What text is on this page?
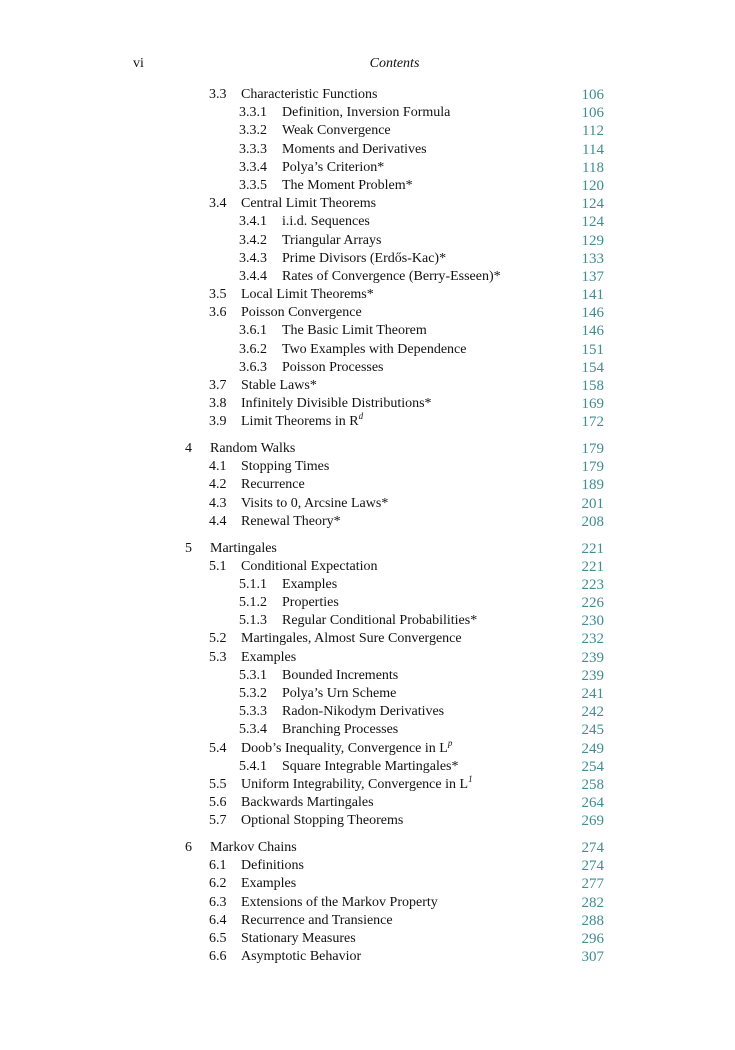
vi	Contents
3.3 Characteristic Functions	106
3.3.1 Definition, Inversion Formula	106
3.3.2 Weak Convergence	112
3.3.3 Moments and Derivatives	114
3.3.4 Polya’s Criterion*	118
3.3.5 The Moment Problem*	120
3.4 Central Limit Theorems	124
3.4.1 i.i.d. Sequences	124
3.4.2 Triangular Arrays	129
3.4.3 Prime Divisors (Erdős-Kac)*	133
3.4.4 Rates of Convergence (Berry-Esseen)*	137
3.5 Local Limit Theorems*	141
3.6 Poisson Convergence	146
3.6.1 The Basic Limit Theorem	146
3.6.2 Two Examples with Dependence	151
3.6.3 Poisson Processes	154
3.7 Stable Laws*	158
3.8 Infinitely Divisible Distributions*	169
3.9 Limit Theorems in $R^d$	172
4 Random Walks	179
4.1 Stopping Times	179
4.2 Recurrence	189
4.3 Visits to 0, Arcsine Laws*	201
4.4 Renewal Theory*	208
5 Martingales	221
5.1 Conditional Expectation	221
5.1.1 Examples	223
5.1.2 Properties	226
5.1.3 Regular Conditional Probabilities*	230
5.2 Martingales, Almost Sure Convergence	232
5.3 Examples	239
5.3.1 Bounded Increments	239
5.3.2 Polya’s Urn Scheme	241
5.3.3 Radon-Nikodym Derivatives	242
5.3.4 Branching Processes	245
5.4 Doob’s Inequality, Convergence in $L^p$	249
5.4.1 Square Integrable Martingales*	254
5.5 Uniform Integrability, Convergence in $L^1$	258
5.6 Backwards Martingales	264
5.7 Optional Stopping Theorems	269
6 Markov Chains	274
6.1 Definitions	274
6.2 Examples	277
6.3 Extensions of the Markov Property	282
6.4 Recurrence and Transience	288
6.5 Stationary Measures	296
6.6 Asymptotic Behavior	307
